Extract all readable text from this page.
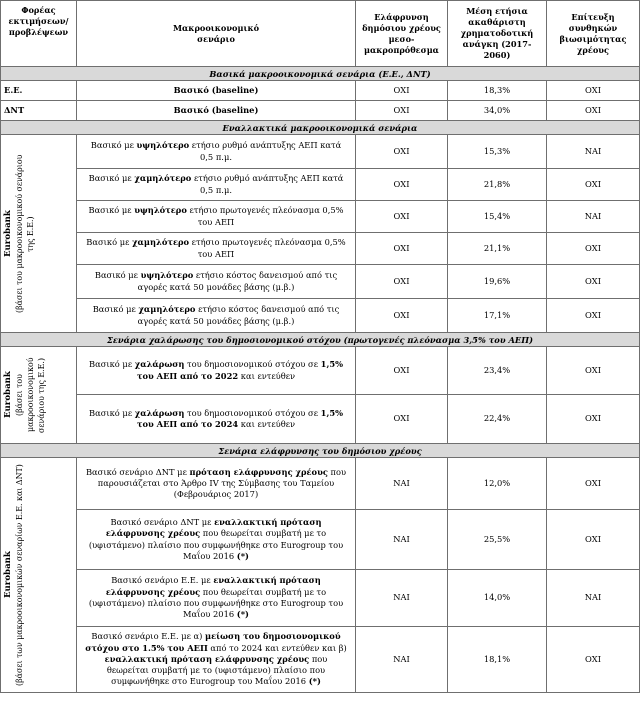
Φορέας εκτιμήσεων/ προβλέψεων	Μακροοικονομικό σενάριο	Ελάφρυνση δημόσιου χρέους μεσο-μακροπρόθεσμα	Μέση ετήσια ακαθάριστη χρηματοδοτική ανάγκη (2017-2060)	Επίτευξη συνθηκών βιωσιμότητας χρέους
Βασικά μακροοικονομικά σενάρια (Ε.Ε., ΔΝΤ)				
Ε.Ε.	Βασικό (baseline)	ΟΧΙ	18,3%	ΟΧΙ
ΔΝΤ	Βασικό (baseline)	ΟΧΙ	34,0%	ΟΧΙ
Εναλλακτικά μακροοικονομικά σενάρια				

Eurobank (βάσει του μακροοικονομικού σενάριου της Ε.Ε.)	Βασικό με υψηλότερο ετήσιο ρυθμό ανάπτυξης ΑΕΠ κατά 0,5 π.μ.	ΟΧΙ	15,3%	ΝΑΙ
	Βασικό με χαμηλότερο ετήσιο ρυθμό ανάπτυξης ΑΕΠ κατά 0,5 π.μ.	ΟΧΙ	21,8%	ΟΧΙ
	Βασικό με υψηλότερο ετήσιο πρωτογενές πλεόνασμα 0,5% του ΑΕΠ	ΟΧΙ	15,4%	ΝΑΙ
	Βασικό με χαμηλότερο ετήσιο πρωτογενές πλεόνασμα 0,5% του ΑΕΠ	ΟΧΙ	21,1%	ΟΧΙ
	Βασικό με υψηλότερο ετήσιο κόστος δανεισμού από τις αγορές κατά 50 μονάδες βάσης (μ.β.)	ΟΧΙ	19,6%	ΟΧΙ
	Βασικό με χαμηλότερο ετήσιο κόστος δανεισμού από τις αγορές κατά 50 μονάδες βάσης (μ.β.)	ΟΧΙ	17,1%	ΟΧΙ
Σενάρια χαλάρωσης του δημοσιονομικού στόχου (πρωτογενές πλεόνασμα 3,5% του ΑΕΠ)				

Eurobank (βάσει του μακροοικονομικού σενάριου της Ε.Ε.)	Βασικό με χαλάρωση του δημοσιονομικού στόχου σε 1,5% του ΑΕΠ από το 2022 και εντεύθεν	ΟΧΙ	23,4%	ΟΧΙ
	Βασικό με χαλάρωση του δημοσιονομικού στόχου σε 1,5% του ΑΕΠ από το 2024 και εντεύθεν	ΟΧΙ	22,4%	ΟΧΙ
Σενάρια ελάφρυνσης του δημόσιου χρέους				

Eurobank (βάσει των μακροοικονομικών σεναρίων Ε.Ε. και ΔΝΤ)	Βασικό σενάριο ΔΝΤ με πρόταση ελάφρυνσης χρέους που παρουσιάζεται στο Άρθρο IV της Σύμβασης του Ταμείου (Φεβρουάριος 2017)	ΝΑΙ	12,0%	ΟΧΙ
	Βασικό σενάριο ΔΝΤ με εναλλακτική πρόταση ελάφρυνσης χρέους που θεωρείται συμβατή με το (υφιστάμενο) πλαίσιο που συμφωνήθηκε στο Eurogroup του Μαΐου 2016 (*)	ΝΑΙ	25,5%	ΟΧΙ
	Βασικό σενάριο Ε.Ε. με εναλλακτική πρόταση ελάφρυνσης χρέους που θεωρείται συμβατή με το (υφιστάμενο) πλαίσιο που συμφωνήθηκε στο Eurogroup του Μαΐου 2016 (*)	ΝΑΙ	14,0%	ΝΑΙ
	Βασικό σενάριο Ε.Ε. με α) μείωση του δημοσιονομικού στόχου στο 1.5% του ΑΕΠ από το 2024 και εντεύθεν και β) εναλλακτική πρόταση ελάφρυνσης χρέους που θεωρείται συμβατή με το (υφιστάμενο) πλαίσιο που συμφωνήθηκε στο Eurogroup του Μαΐου 2016 (*)	ΝΑΙ	18,1%	ΟΧΙ
